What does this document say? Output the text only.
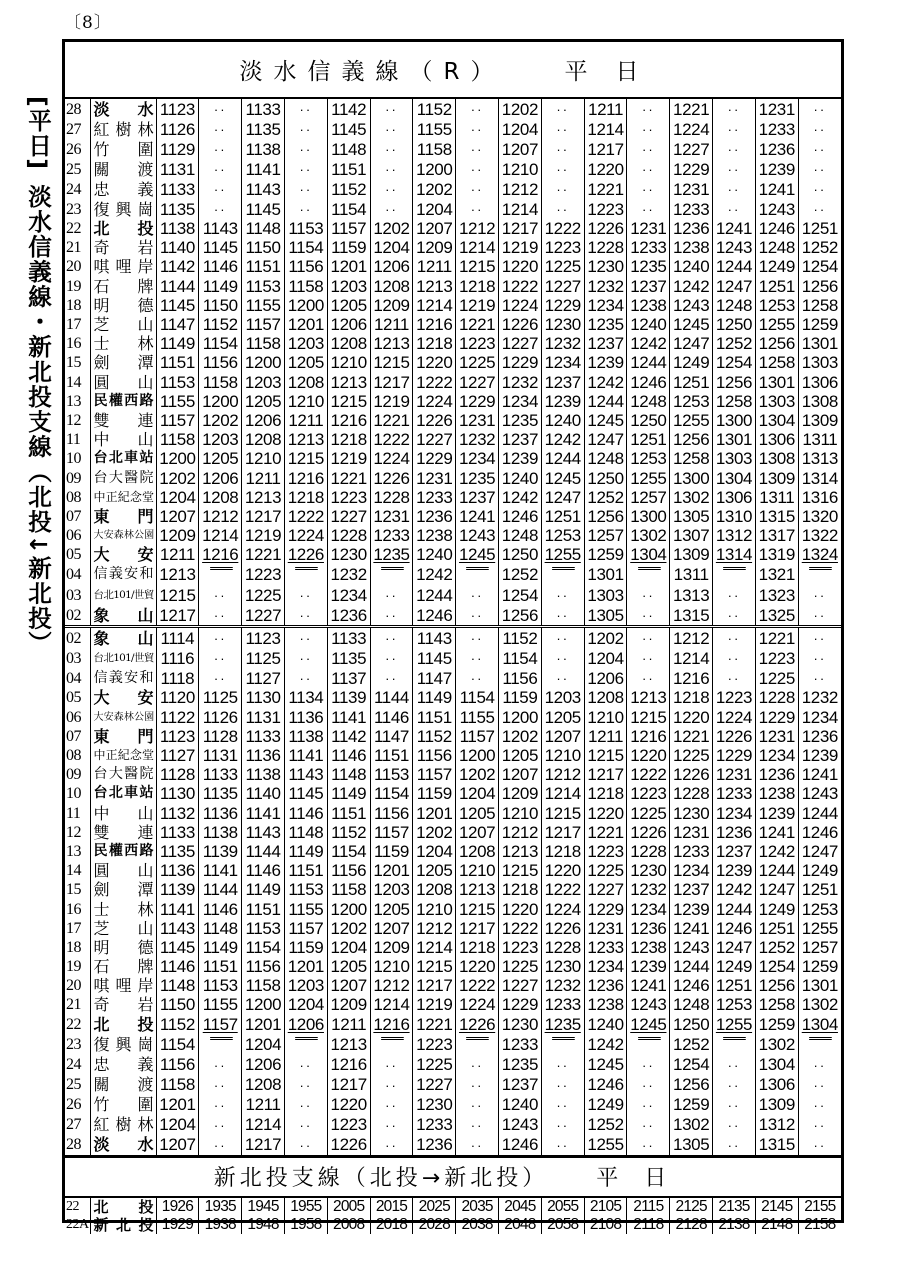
〔8〕
[平日]淡水信義線・新北投支線（北投↓新北投）
淡水信義線（R）	平日
28	淡水	1123	··	1133	··	1142	··	1152	··	1202	··	1211	··	1221	··	1231	··
27	紅樹林	1126	··	1135	··	1145	··	1155	··	1204	··	1214	··	1224	··	1233	··
26	竹圍	1129	··	1138	··	1148	··	1158	··	1207	··	1217	··	1227	··	1236	··
25	關渡	1131	··	1141	··	1151	··	1200	··	1210	··	1220	··	1229	··	1239	··
24	忠義	1133	··	1143	··	1152	··	1202	··	1212	··	1221	··	1231	··	1241	··
23	復興崗	1135	··	1145	··	1154	··	1204	··	1214	··	1223	··	1233	··	1243	··
22	北投	1138	1143	1148	1153	1157	1202	1207	1212	1217	1222	1226	1231	1236	1241	1246	1251
21	奇岩	1140	1145	1150	1154	1159	1204	1209	1214	1219	1223	1228	1233	1238	1243	1248	1252
20	唭哩岸	1142	1146	1151	1156	1201	1206	1211	1215	1220	1225	1230	1235	1240	1244	1249	1254
19	石牌	1144	1149	1153	1158	1203	1208	1213	1218	1222	1227	1232	1237	1242	1247	1251	1256
18	明德	1145	1150	1155	1200	1205	1209	1214	1219	1224	1229	1234	1238	1243	1248	1253	1258
17	芝山	1147	1152	1157	1201	1206	1211	1216	1221	1226	1230	1235	1240	1245	1250	1255	1259
16	士林	1149	1154	1158	1203	1208	1213	1218	1223	1227	1232	1237	1242	1247	1252	1256	1301
15	劍潭	1151	1156	1200	1205	1210	1215	1220	1225	1229	1234	1239	1244	1249	1254	1258	1303
14	圓山	1153	1158	1203	1208	1213	1217	1222	1227	1232	1237	1242	1246	1251	1256	1301	1306
13	民權西路	1155	1200	1205	1210	1215	1219	1224	1229	1234	1239	1244	1248	1253	1258	1303	1308
12	雙連	1157	1202	1206	1211	1216	1221	1226	1231	1235	1240	1245	1250	1255	1300	1304	1309
11	中山	1158	1203	1208	1213	1218	1222	1227	1232	1237	1242	1247	1251	1256	1301	1306	1311
10	台北車站	1200	1205	1210	1215	1219	1224	1229	1234	1239	1244	1248	1253	1258	1303	1308	1313
09	台大醫院	1202	1206	1211	1216	1221	1226	1231	1235	1240	1245	1250	1255	1300	1304	1309	1314
08	中正紀念堂	1204	1208	1213	1218	1223	1228	1233	1237	1242	1247	1252	1257	1302	1306	1311	1316
07	東門	1207	1212	1217	1222	1227	1231	1236	1241	1246	1251	1256	1300	1305	1310	1315	1320
06	大安森林公園	1209	1214	1219	1224	1228	1233	1238	1243	1248	1253	1257	1302	1307	1312	1317	1322
05	大安	1211	1216	1221	1226	1230	1235	1240	1245	1250	1255	1259	1304	1309	1314	1319	1324
04	信義安和	1213	═	1223	═	1232	═	1242	═	1252	═	1301	═	1311	═	1321	═
03	台北101/世貿	1215	··	1225	··	1234	··	1244	··	1254	··	1303	··	1313	··	1323	··
02	象山	1217	··	1227	··	1236	··	1246	··	1256	··	1305	··	1315	··	1325	··
02	象山	1114	··	1123	··	1133	··	1143	··	1152	··	1202	··	1212	··	1221	··
03	台北101/世貿	1116	··	1125	··	1135	··	1145	··	1154	··	1204	··	1214	··	1223	··
04	信義安和	1118	··	1127	··	1137	··	1147	··	1156	··	1206	··	1216	··	1225	··
05	大安	1120	1125	1130	1134	1139	1144	1149	1154	1159	1203	1208	1213	1218	1223	1228	1232
06	大安森林公園	1122	1126	1131	1136	1141	1146	1151	1155	1200	1205	1210	1215	1220	1224	1229	1234
07	東門	1123	1128	1133	1138	1142	1147	1152	1157	1202	1207	1211	1216	1221	1226	1231	1236
08	中正紀念堂	1127	1131	1136	1141	1146	1151	1156	1200	1205	1210	1215	1220	1225	1229	1234	1239
09	台大醫院	1128	1133	1138	1143	1148	1153	1157	1202	1207	1212	1217	1222	1226	1231	1236	1241
10	台北車站	1130	1135	1140	1145	1149	1154	1159	1204	1209	1214	1218	1223	1228	1233	1238	1243
11	中山	1132	1136	1141	1146	1151	1156	1201	1205	1210	1215	1220	1225	1230	1234	1239	1244
12	雙連	1133	1138	1143	1148	1152	1157	1202	1207	1212	1217	1221	1226	1231	1236	1241	1246
13	民權西路	1135	1139	1144	1149	1154	1159	1204	1208	1213	1218	1223	1228	1233	1237	1242	1247
14	圓山	1136	1141	1146	1151	1156	1201	1205	1210	1215	1220	1225	1230	1234	1239	1244	1249
15	劍潭	1139	1144	1149	1153	1158	1203	1208	1213	1218	1222	1227	1232	1237	1242	1247	1251
16	士林	1141	1146	1151	1155	1200	1205	1210	1215	1220	1224	1229	1234	1239	1244	1249	1253
17	芝山	1143	1148	1153	1157	1202	1207	1212	1217	1222	1226	1231	1236	1241	1246	1251	1255
18	明德	1145	1149	1154	1159	1204	1209	1214	1218	1223	1228	1233	1238	1243	1247	1252	1257
19	石牌	1146	1151	1156	1201	1205	1210	1215	1220	1225	1230	1234	1239	1244	1249	1254	1259
20	唭哩岸	1148	1153	1158	1203	1207	1212	1217	1222	1227	1232	1236	1241	1246	1251	1256	1301
21	奇岩	1150	1155	1200	1204	1209	1214	1219	1224	1229	1233	1238	1243	1248	1253	1258	1302
22	北投	1152	1157	1201	1206	1211	1216	1221	1226	1230	1235	1240	1245	1250	1255	1259	1304
23	復興崗	1154	═	1204	═	1213	═	1223	═	1233	═	1242	═	1252	═	1302	═
24	忠義	1156	··	1206	··	1216	··	1225	··	1235	··	1245	··	1254	··	1304	··
25	關渡	1158	··	1208	··	1217	··	1227	··	1237	··	1246	··	1256	··	1306	··
26	竹圍	1201	··	1211	··	1220	··	1230	··	1240	··	1249	··	1259	··	1309	··
27	紅樹林	1204	··	1214	··	1223	··	1233	··	1243	··	1252	··	1302	··	1312	··
28	淡水	1207	··	1217	··	1226	··	1236	··	1246	··	1255	··	1305	··	1315	··
新北投支線（北投→新北投） 平日
22	北投	1926	1935	1945	1955	2005	2015	2025	2035	2045	2055	2105	2115	2125	2135	2145	2155
22A	新北投	1929	1938	1948	1958	2008	2018	2028	2038	2048	2058	2108	2118	2128	2138	2148	2158
